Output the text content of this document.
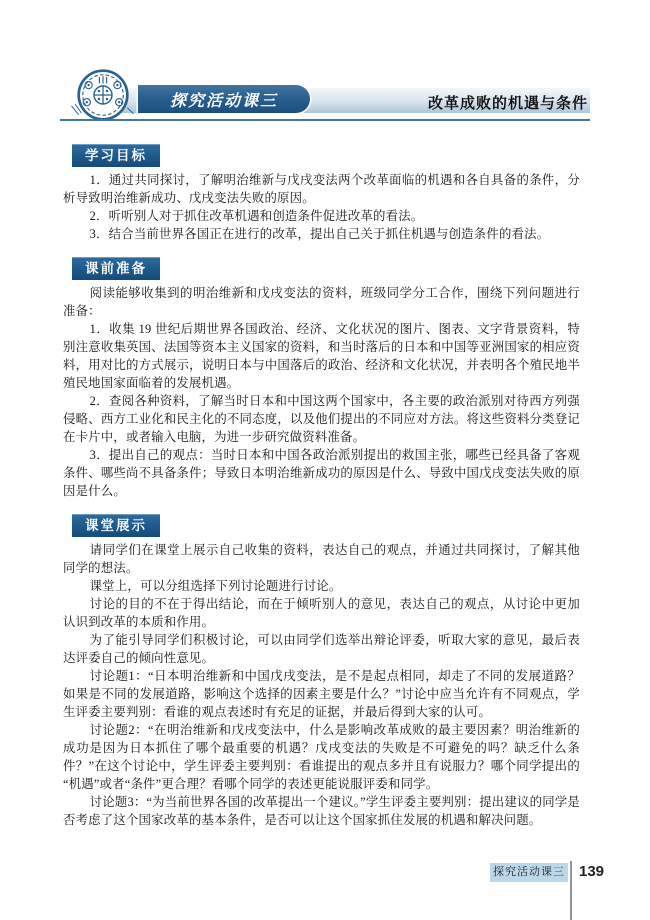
探究活动课三	改革成败的机遇与条件
学习目标

1．通过共同探讨，了解明治维新与戊戌变法两个改革面临的机遇和各自具备的条件，分析导致明治维新成功、戊戌变法失败的原因。

2．听听别人对于抓住改革机遇和创造条件促进改革的看法。

3．结合当前世界各国正在进行的改革，提出自己关于抓住机遇与创造条件的看法。

课前准备

阅读能够收集到的明治维新和戊戌变法的资料，班级同学分工合作，围绕下列问题进行准备：

1．收集 19 世纪后期世界各国政治、经济、文化状况的图片、图表、文字背景资料，特别注意收集英国、法国等资本主义国家的资料，和当时落后的日本和中国等亚洲国家的相应资料，用对比的方式展示，说明日本与中国落后的政治、经济和文化状况，并表明各个殖民地半殖民地国家面临着的发展机遇。

2．查阅各种资料，了解当时日本和中国这两个国家中，各主要的政治派别对待西方列强侵略、西方工业化和民主化的不同态度，以及他们提出的不同应对方法。将这些资料分类登记在卡片中，或者输入电脑，为进一步研究做资料准备。

3．提出自己的观点：当时日本和中国各政治派别提出的救国主张，哪些已经具备了客观条件、哪些尚不具备条件；导致日本明治维新成功的原因是什么、导致中国戊戌变法失败的原因是什么。

课堂展示

请同学们在课堂上展示自己收集的资料，表达自己的观点，并通过共同探讨，了解其他同学的想法。

课堂上，可以分组选择下列讨论题进行讨论。

讨论的目的不在于得出结论，而在于倾听别人的意见，表达自己的观点，从讨论中更加认识到改革的本质和作用。

为了能引导同学们积极讨论，可以由同学们选举出辩论评委，听取大家的意见，最后表达评委自己的倾向性意见。

讨论题1：“日本明治维新和中国戊戌变法，是不是起点相同，却走了不同的发展道路？如果是不同的发展道路，影响这个选择的因素主要是什么？”讨论中应当允许有不同观点，学生评委主要判别：看谁的观点表述时有充足的证据，并最后得到大家的认可。

讨论题2：“在明治维新和戊戌变法中，什么是影响改革成败的最主要因素？明治维新的成功是因为日本抓住了哪个最重要的机遇？戊戌变法的失败是不可避免的吗？缺乏什么条件？”在这个讨论中，学生评委主要判别：看谁提出的观点多并且有说服力？哪个同学提出的“机遇”或者“条件”更合理？看哪个同学的表述更能说服评委和同学。

讨论题3：“为当前世界各国的改革提出一个建议。”学生评委主要判别：提出建议的同学是否考虑了这个国家改革的基本条件，是否可以让这个国家抓住发展的机遇和解决问题。

探究活动课三 139
